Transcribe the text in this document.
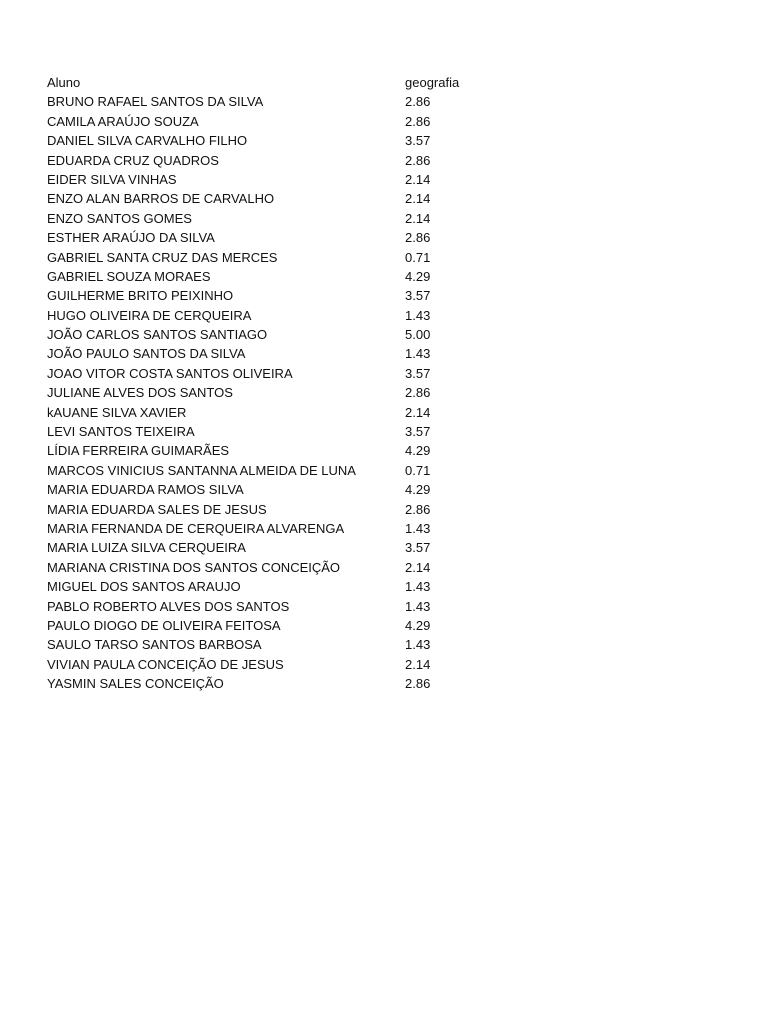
Aluno	geografia
BRUNO RAFAEL SANTOS DA SILVA	2.86
CAMILA ARAÚJO SOUZA	2.86
DANIEL SILVA CARVALHO FILHO	3.57
EDUARDA CRUZ QUADROS	2.86
EIDER SILVA VINHAS	2.14
ENZO ALAN BARROS DE CARVALHO	2.14
ENZO SANTOS GOMES	2.14
ESTHER ARAÚJO DA SILVA	2.86
GABRIEL SANTA CRUZ DAS MERCES	0.71
GABRIEL SOUZA MORAES	4.29
GUILHERME BRITO PEIXINHO	3.57
HUGO OLIVEIRA DE CERQUEIRA	1.43
JOÃO CARLOS SANTOS SANTIAGO	5.00
JOÃO PAULO SANTOS DA SILVA	1.43
JOAO VITOR COSTA SANTOS OLIVEIRA	3.57
JULIANE ALVES DOS SANTOS	2.86
kAUANE SILVA XAVIER	2.14
LEVI SANTOS TEIXEIRA	3.57
LÍDIA FERREIRA GUIMARÃES	4.29
MARCOS VINICIUS SANTANNA ALMEIDA DE LUNA	0.71
MARIA EDUARDA RAMOS SILVA	4.29
MARIA EDUARDA SALES DE JESUS	2.86
MARIA FERNANDA DE CERQUEIRA ALVARENGA	1.43
MARIA LUIZA SILVA CERQUEIRA	3.57
MARIANA CRISTINA DOS SANTOS CONCEIÇÃO	2.14
MIGUEL DOS SANTOS ARAUJO	1.43
PABLO ROBERTO ALVES DOS SANTOS	1.43
PAULO DIOGO DE OLIVEIRA FEITOSA	4.29
SAULO TARSO SANTOS BARBOSA	1.43
VIVIAN PAULA CONCEIÇÃO DE JESUS	2.14
YASMIN SALES CONCEIÇÃO	2.86
